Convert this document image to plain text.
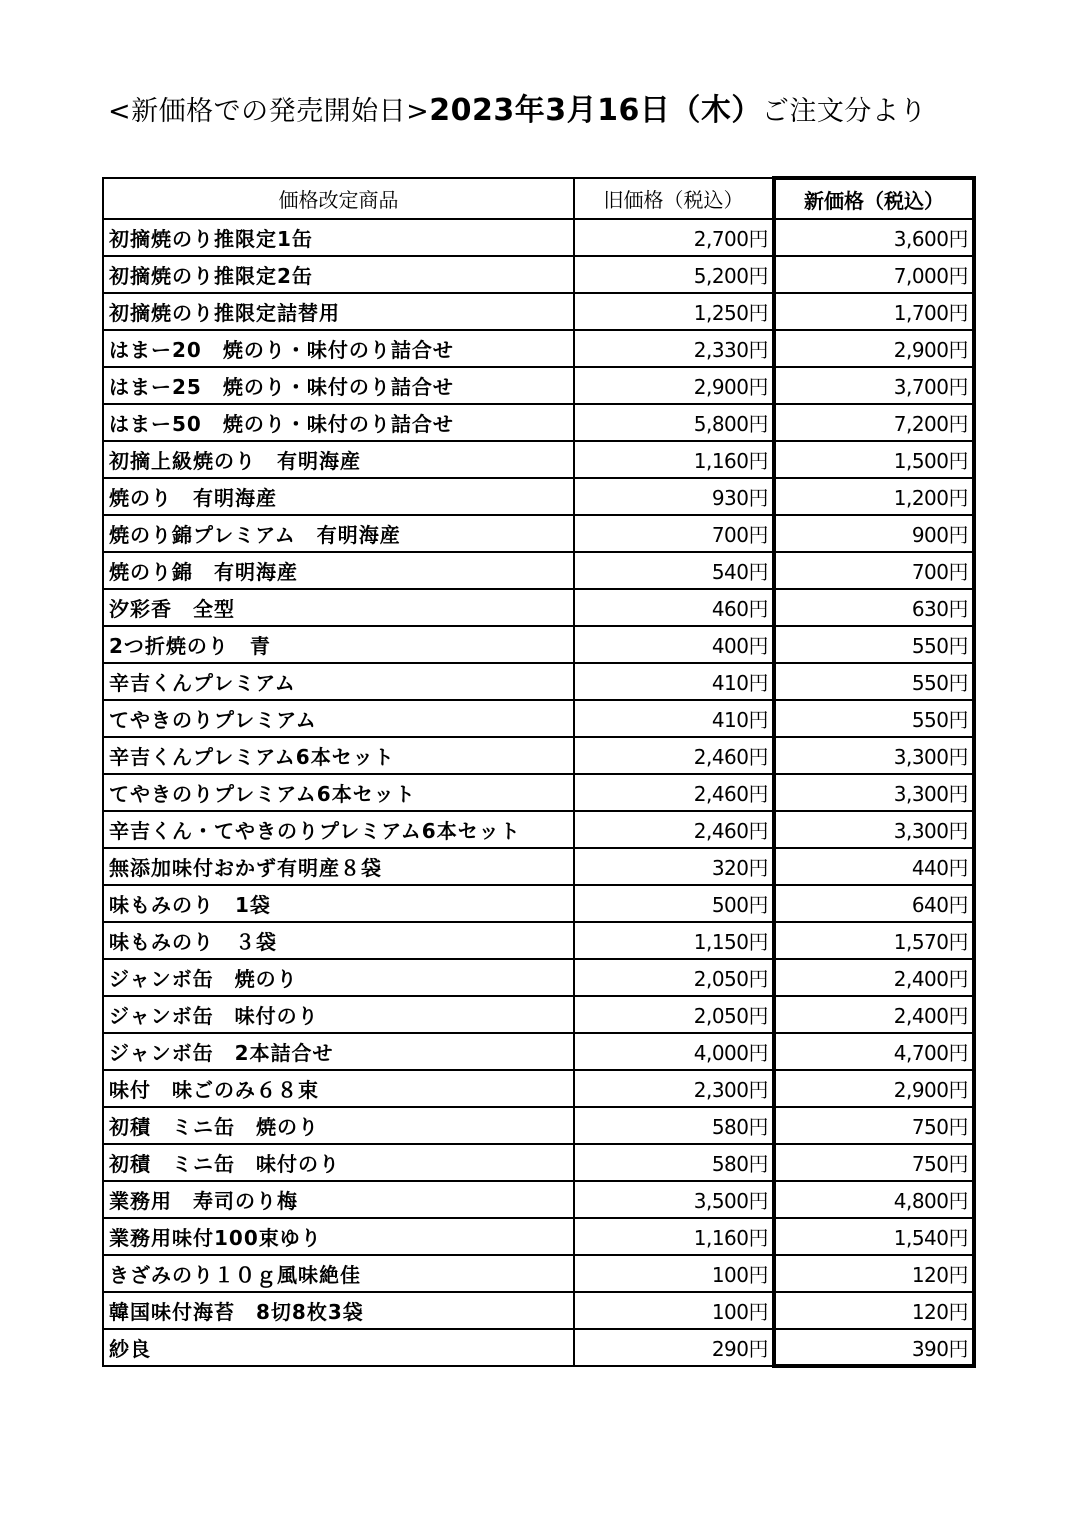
<新価格での発売開始日>2023年3月16日（木）ご注文分より
価格改定商品	旧価格（税込）	新価格（税込）
初摘焼のり推限定1缶	2,700円	3,600円
初摘焼のり推限定2缶	5,200円	7,000円
初摘焼のり推限定詰替用	1,250円	1,700円
はまー20　焼のり・味付のり詰合せ	2,330円	2,900円
はまー25　焼のり・味付のり詰合せ	2,900円	3,700円
はまー50　焼のり・味付のり詰合せ	5,800円	7,200円
初摘上級焼のり　有明海産	1,160円	1,500円
焼のり　有明海産	930円	1,200円
焼のり錦プレミアム　有明海産	700円	900円
焼のり錦　有明海産	540円	700円
汐彩香　全型	460円	630円
2つ折焼のり　青	400円	550円
辛吉くんプレミアム	410円	550円
てやきのりプレミアム	410円	550円
辛吉くんプレミアム6本セット	2,460円	3,300円
てやきのりプレミアム6本セット	2,460円	3,300円
辛吉くん・てやきのりプレミアム6本セット	2,460円	3,300円
無添加味付おかず有明産８袋	320円	440円
味もみのり　1袋	500円	640円
味もみのり　３袋	1,150円	1,570円
ジャンボ缶　焼のり	2,050円	2,400円
ジャンボ缶　味付のり	2,050円	2,400円
ジャンボ缶　2本詰合せ	4,000円	4,700円
味付　味ごのみ６８束	2,300円	2,900円
初積　ミニ缶　焼のり	580円	750円
初積　ミニ缶　味付のり	580円	750円
業務用　寿司のり梅	3,500円	4,800円
業務用味付100束ゆり	1,160円	1,540円
きざみのり１０ｇ風味絶佳	100円	120円
韓国味付海苔　8切8枚3袋	100円	120円
紗良	290円	390円
